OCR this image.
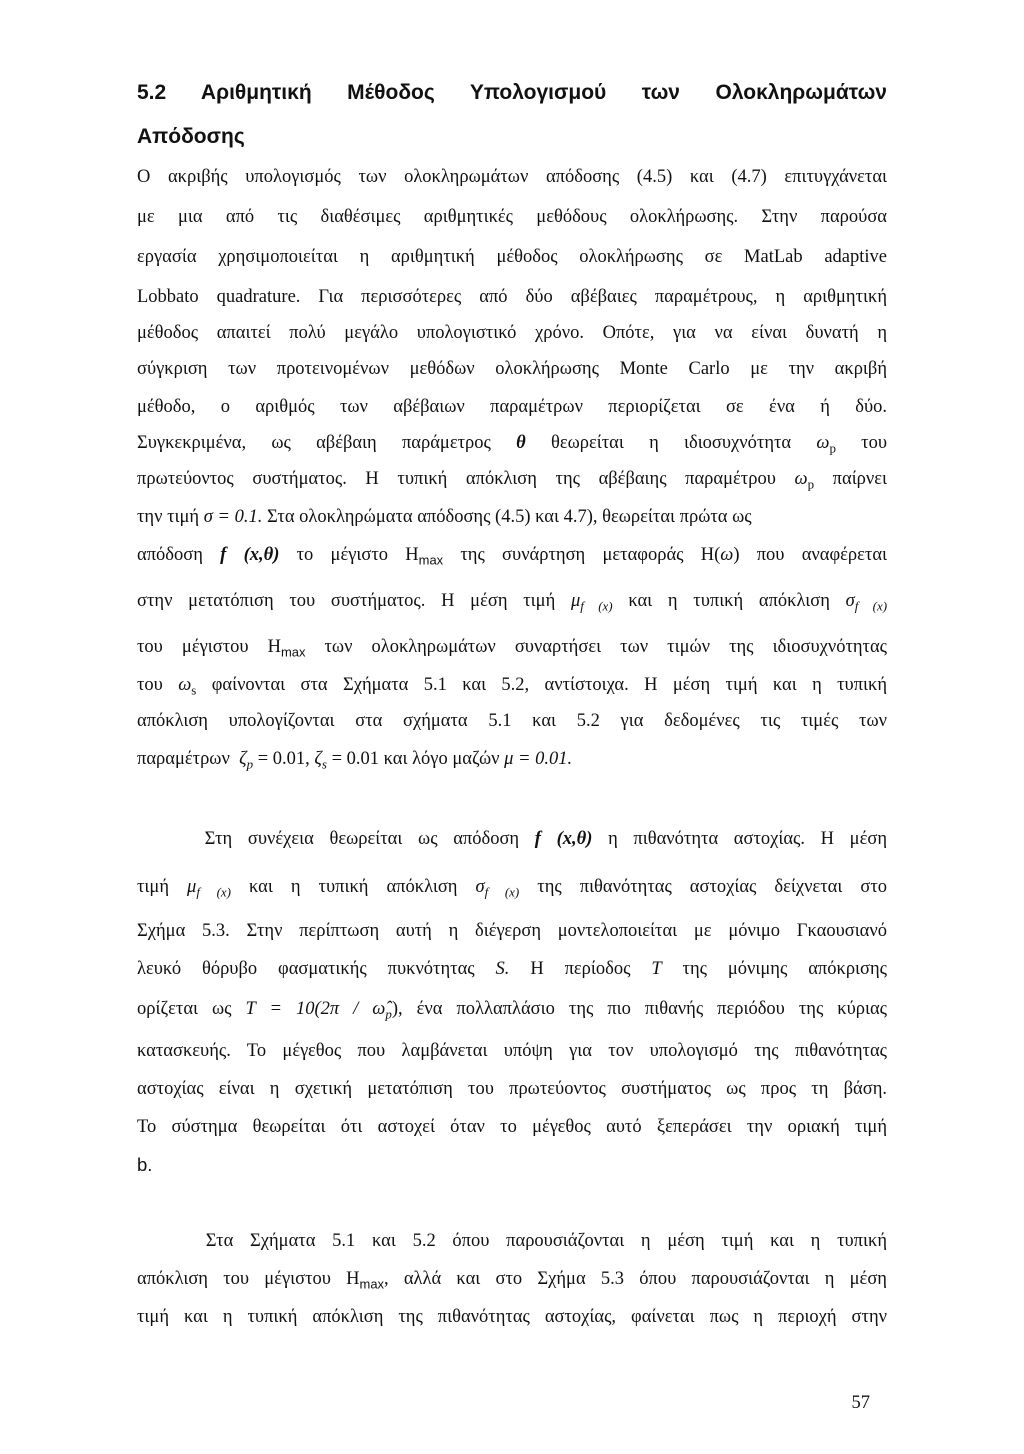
5.2 Αριθμητική Μέθοδος Υπολογισμού των Ολοκληρωμάτων
Απόδοσης
Ο ακριβής υπολογισμός των ολοκληρωμάτων απόδοσης (4.5) και (4.7) επιτυγχάνεται
με μια από τις διαθέσιμες αριθμητικές μεθόδους ολοκλήρωσης. Στην παρούσα
εργασία χρησιμοποιείται η αριθμητική μέθοδος ολοκλήρωσης σε MatLab adaptive
Lobbato quadrature. Για περισσότερες από δύο αβέβαιες παραμέτρους, η αριθμητική
μέθοδος απαιτεί πολύ μεγάλο υπολογιστικό χρόνο. Οπότε, για να είναι δυνατή η
σύγκριση των προτεινομένων μεθόδων ολοκλήρωσης Monte Carlo με την ακριβή
μέθοδο, ο αριθμός των αβέβαιων παραμέτρων περιορίζεται σε ένα ή δύο.
Συγκεκριμένα, ως αβέβαιη παράμετρος θ θεωρείται η ιδιοσυχνότητα $\omega_p$ του
πρωτεύοντος συστήματος. Η τυπική απόκλιση της αβέβαιης παραμέτρου $\omega_p$ παίρνει
την τιμή σ = 0.1. Στα ολοκληρώματα απόδοσης (4.5) και 4.7), θεωρείται πρώτα ως
απόδοση f (x,θ) το μέγιστο $H_{max}$ της συνάρτηση μεταφοράς H(ω) που αναφέρεται
στην μετατόπιση του συστήματος. Η μέση τιμή $\mu_{f (x)}$ και η τυπική απόκλιση $\sigma_{f (x)}$
του μέγιστου $H_{max}$ των ολοκληρωμάτων συναρτήσει των τιμών της ιδιοσυχνότητας
του $\omega_s$ φαίνονται στα Σχήματα 5.1 και 5.2, αντίστοιχα. Η μέση τιμή και η τυπική
απόκλιση υπολογίζονται στα σχήματα 5.1 και 5.2 για δεδομένες τις τιμές των
παραμέτρων $\zeta_p = 0.01$, $\zeta_s = 0.01$ και λόγο μαζών μ = 0.01.
Στη συνέχεια θεωρείται ως απόδοση f (x,θ) η πιθανότητα αστοχίας. Η μέση
τιμή $\mu_{f (x)}$ και η τυπική απόκλιση $\sigma_{f (x)}$ της πιθανότητας αστοχίας δείχνεται στο
Σχήμα 5.3. Στην περίπτωση αυτή η διέγερση μοντελοποιείται με μόνιμο Γκαουσιανό
λευκό θόρυβο φασματικής πυκνότητας S. Η περίοδος T της μόνιμης απόκρισης
ορίζεται ως $T = 10(2\pi / \omegâ_p)$, ένα πολλαπλάσιο της πιο πιθανής περιόδου της κύριας
κατασκευής. Το μέγεθος που λαμβάνεται υπόψη για τον υπολογισμό της πιθανότητας
αστοχίας είναι η σχετική μετατόπιση του πρωτεύοντος συστήματος ως προς τη βάση.
Το σύστημα θεωρείται ότι αστοχεί όταν το μέγεθος αυτό ξεπεράσει την οριακή τιμή
b.
Στα Σχήματα 5.1 και 5.2 όπου παρουσιάζονται η μέση τιμή και η τυπική
απόκλιση του μέγιστου $H_{max}$, αλλά και στο Σχήμα 5.3 όπου παρουσιάζονται η μέση
τιμή και η τυπική απόκλιση της πιθανότητας αστοχίας, φαίνεται πως η περιοχή στην
57
